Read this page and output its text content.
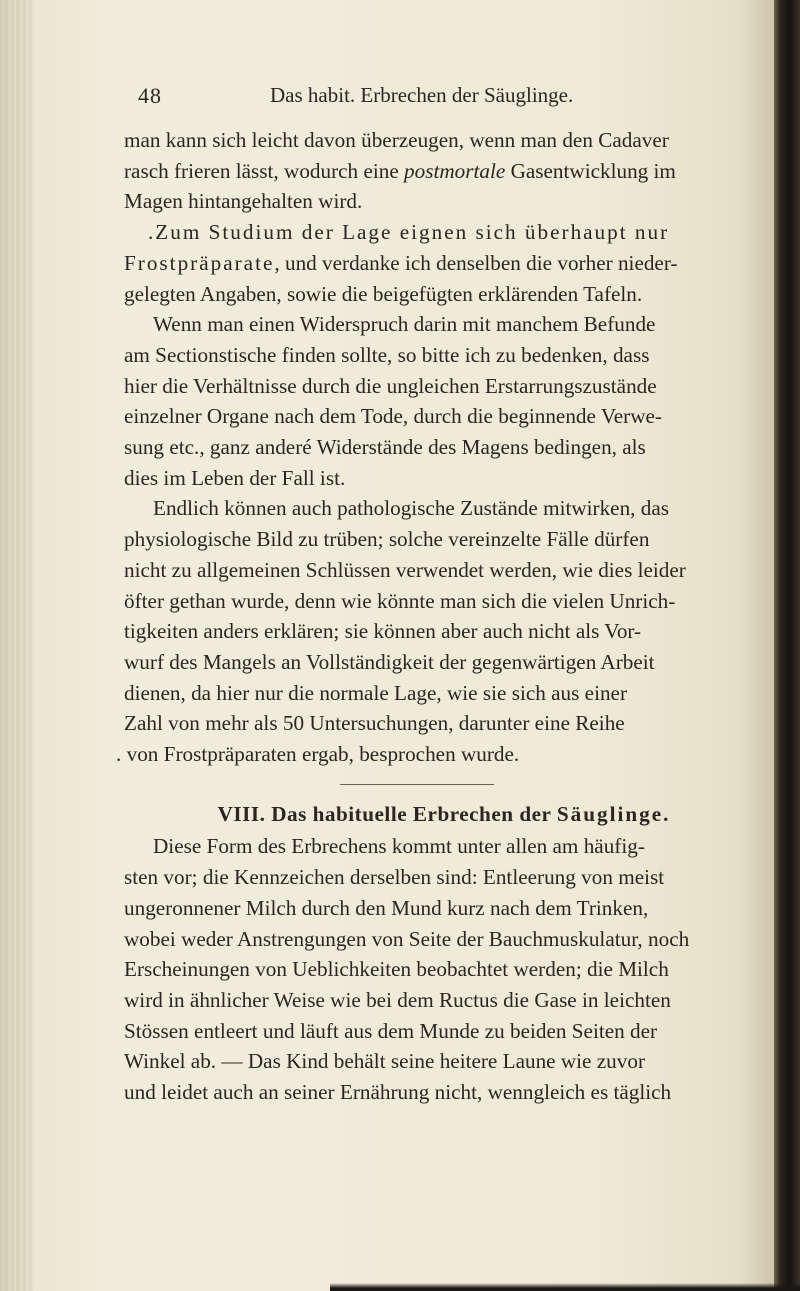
48	Das habit. Erbrechen der Säuglinge.
man kann sich leicht davon überzeugen, wenn man den Cadaver
rasch frieren lässt, wodurch eine postmortale Gasentwicklung im
Magen hintangehalten wird.
.Zum Studium der Lage eignen sich überhaupt nur
Frostpräparate, und verdanke ich denselben die vorher nieder-
gelegten Angaben, sowie die beigefügten erklärenden Tafeln.
Wenn man einen Widerspruch darin mit manchem Befunde
am Sectionstische finden sollte, so bitte ich zu bedenken, dass
hier die Verhältnisse durch die ungleichen Erstarrungszustände
einzelner Organe nach dem Tode, durch die beginnende Verwe-
sung etc., ganz anderé Widerstände des Magens bedingen, als
dies im Leben der Fall ist.
Endlich können auch pathologische Zustände mitwirken, das
physiologische Bild zu trüben; solche vereinzelte Fälle dürfen
nicht zu allgemeinen Schlüssen verwendet werden, wie dies leider
öfter gethan wurde, denn wie könnte man sich die vielen Unrich-
tigkeiten anders erklären; sie können aber auch nicht als Vor-
wurf des Mangels an Vollständigkeit der gegenwärtigen Arbeit
dienen, da hier nur die normale Lage, wie sie sich aus einer
Zahl von mehr als 50 Untersuchungen, darunter eine Reihe
. von Frostpräparaten ergab, besprochen wurde.
VIII. Das habituelle Erbrechen der Säuglinge.
Diese Form des Erbrechens kommt unter allen am häufig-
sten vor; die Kennzeichen derselben sind: Entleerung von meist
ungeronnener Milch durch den Mund kurz nach dem Trinken,
wobei weder Anstrengungen von Seite der Bauchmuskulatur, noch
Erscheinungen von Ueblichkeiten beobachtet werden; die Milch
wird in ähnlicher Weise wie bei dem Ructus die Gase in leichten
Stössen entleert und läuft aus dem Munde zu beiden Seiten der
Winkel ab. — Das Kind behält seine heitere Laune wie zuvor
und leidet auch an seiner Ernährung nicht, wenngleich es täglich
